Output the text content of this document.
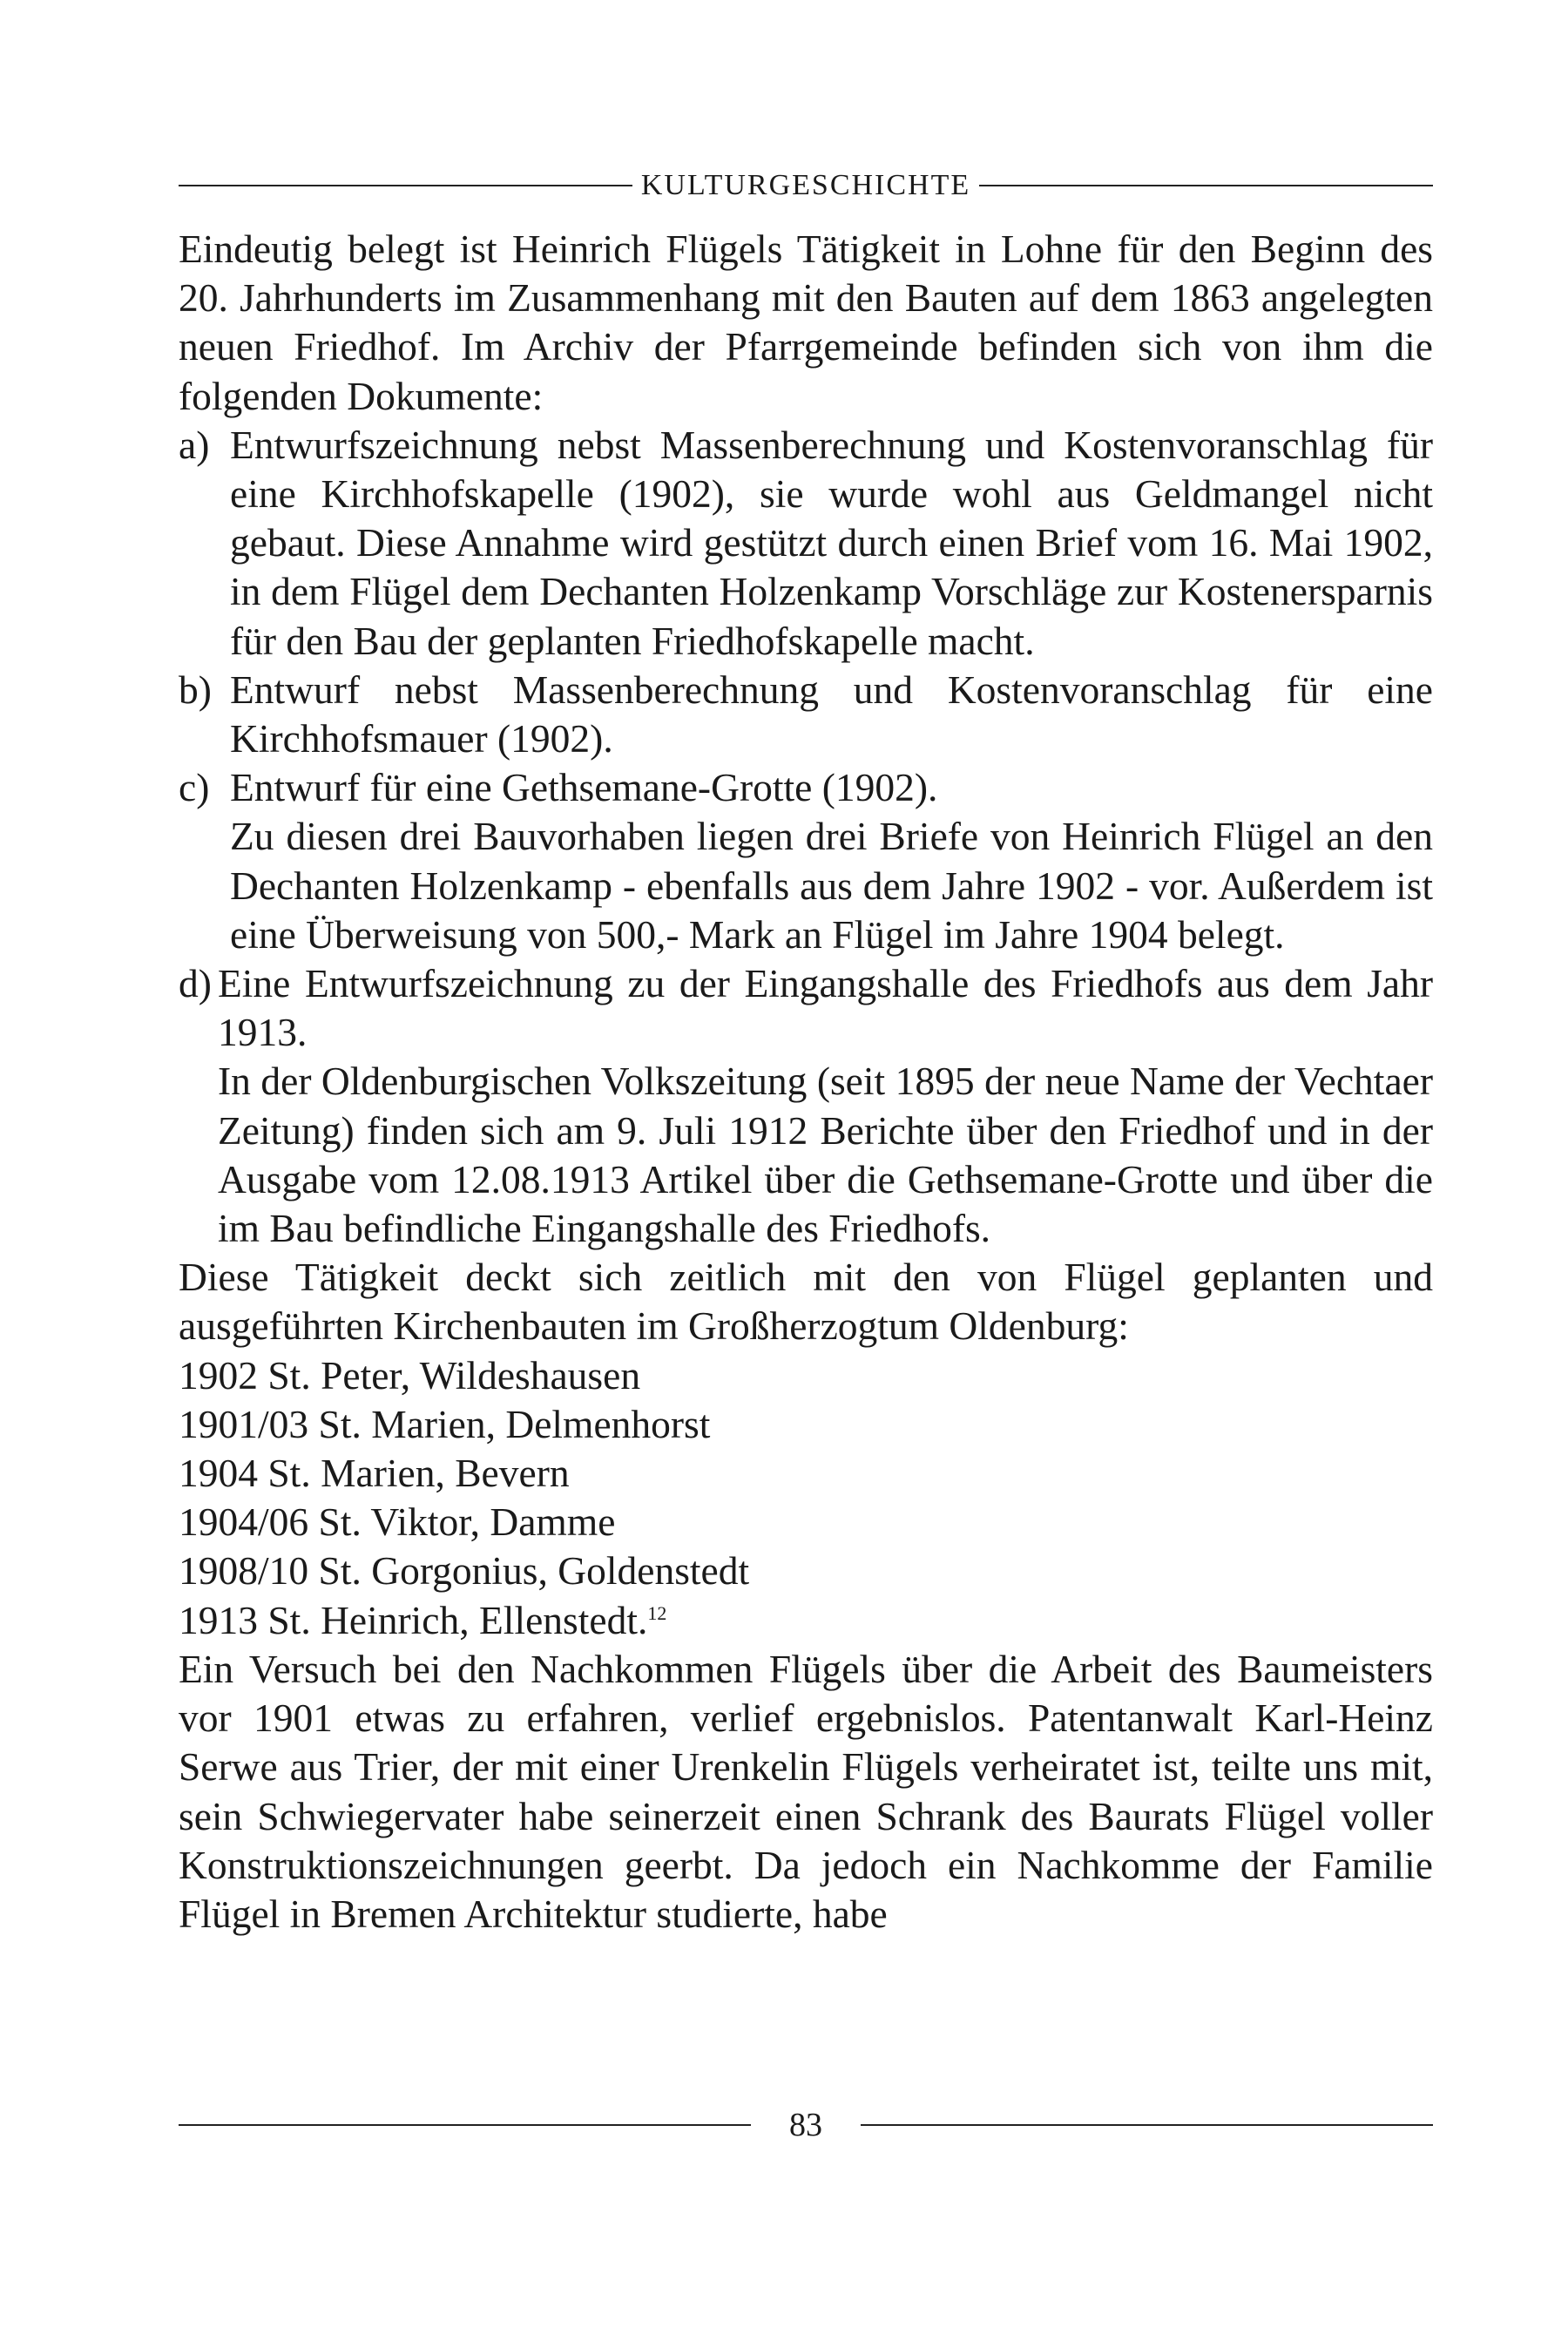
KULTURGESCHICHTE

Eindeutig belegt ist Heinrich Flügels Tätigkeit in Lohne für den Beginn des 20. Jahrhunderts im Zusammenhang mit den Bauten auf dem 1863 angelegten neuen Friedhof. Im Archiv der Pfarrgemeinde befinden sich von ihm die folgenden Dokumente:

a) Entwurfszeichnung nebst Massenberechnung und Kostenvoranschlag für eine Kirchhofskapelle (1902), sie wurde wohl aus Geldmangel nicht gebaut. Diese Annahme wird gestützt durch einen Brief vom 16. Mai 1902, in dem Flügel dem Dechanten Holzenkamp Vorschläge zur Kostenersparnis für den Bau der geplanten Friedhofskapelle macht.
b) Entwurf nebst Massenberechnung und Kostenvoranschlag für eine Kirchhofsmauer (1902).
c) Entwurf für eine Gethsemane-Grotte (1902).

Zu diesen drei Bauvorhaben liegen drei Briefe von Heinrich Flügel an den Dechanten Holzenkamp - ebenfalls aus dem Jahre 1902 - vor. Außerdem ist eine Überweisung von 500,- Mark an Flügel im Jahre 1904 belegt.

d) Eine Entwurfszeichnung zu der Eingangshalle des Friedhofs aus dem Jahr 1913.

In der Oldenburgischen Volkszeitung (seit 1895 der neue Name der Vechtaer Zeitung) finden sich am 9. Juli 1912 Berichte über den Friedhof und in der Ausgabe vom 12.08.1913 Artikel über die Gethsemane-Grotte und über die im Bau befindliche Eingangshalle des Friedhofs.

Diese Tätigkeit deckt sich zeitlich mit den von Flügel geplanten und ausgeführten Kirchenbauten im Großherzogtum Oldenburg:

1902 St. Peter, Wildeshausen
1901/03 St. Marien, Delmenhorst
1904 St. Marien, Bevern
1904/06 St. Viktor, Damme
1908/10 St. Gorgonius, Goldenstedt
1913 St. Heinrich, Ellenstedt.$^{12}$

Ein Versuch bei den Nachkommen Flügels über die Arbeit des Baumeisters vor 1901 etwas zu erfahren, verlief ergebnislos. Patentanwalt Karl-Heinz Serwe aus Trier, der mit einer Urenkelin Flügels verheiratet ist, teilte uns mit, sein Schwiegervater habe seinerzeit einen Schrank des Baurats Flügel voller Konstruktionszeichnungen geerbt. Da jedoch ein Nachkomme der Familie Flügel in Bremen Architektur studierte, habe

83
